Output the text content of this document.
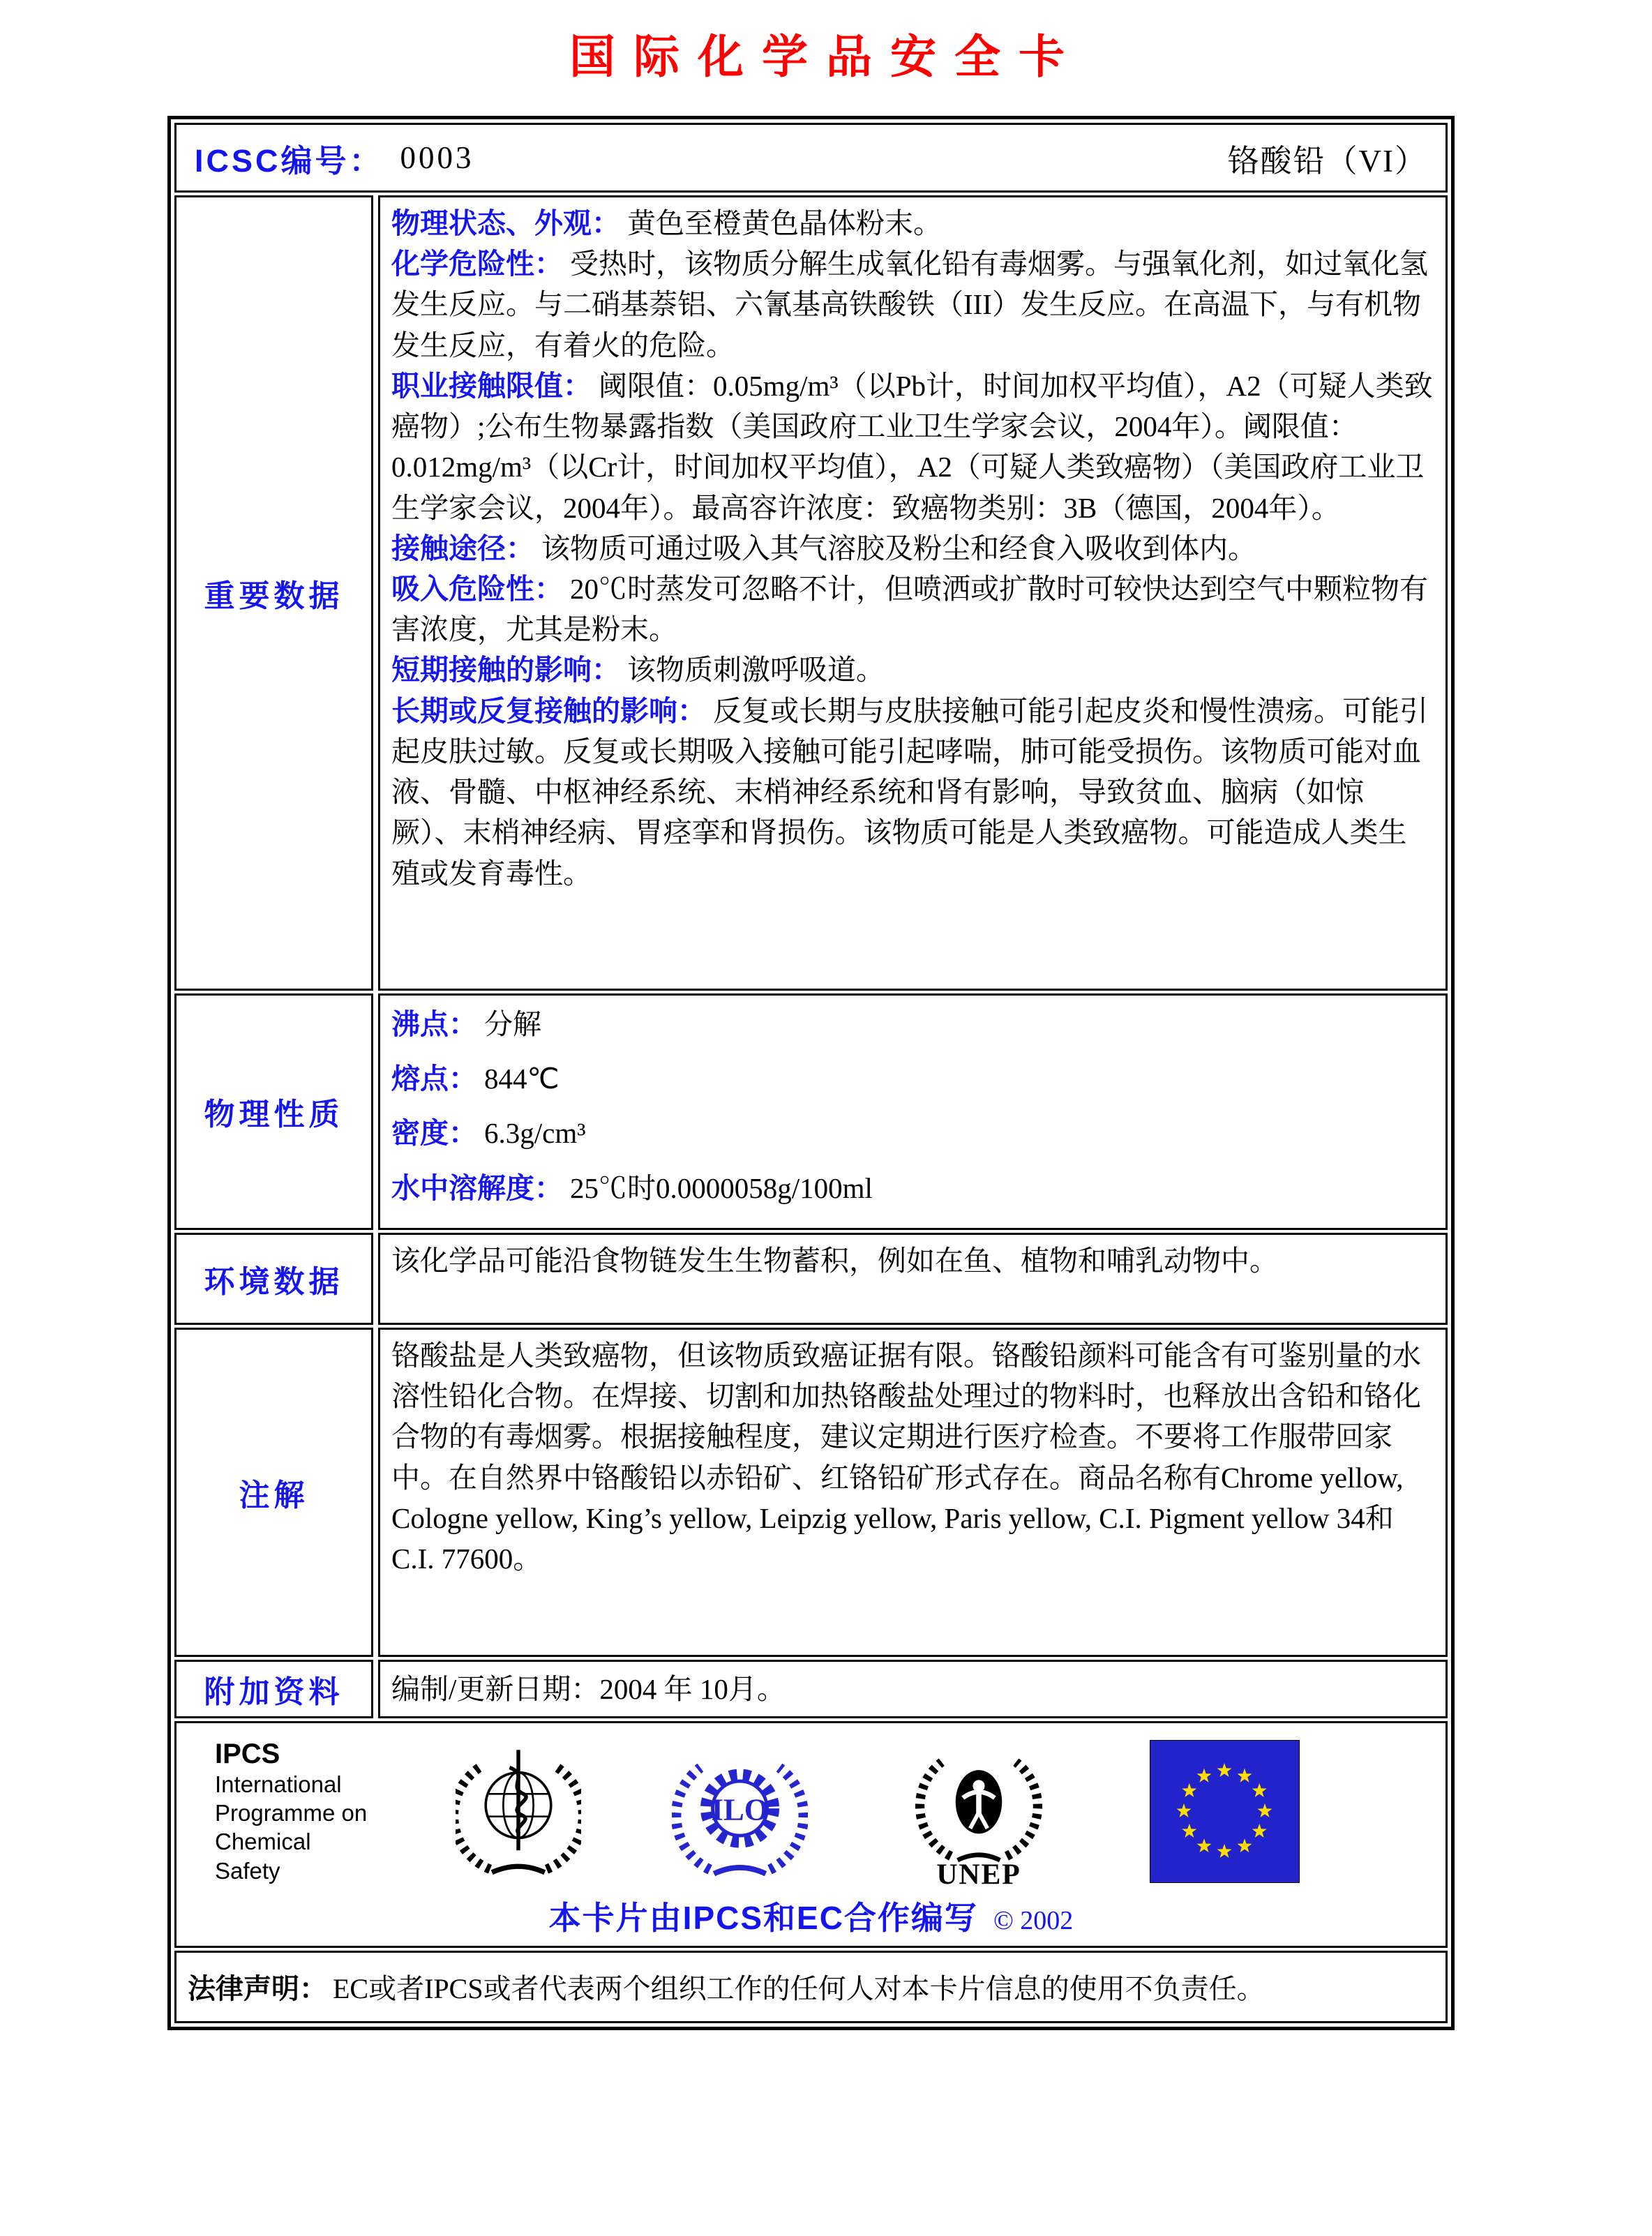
国际化学品安全卡
ICSC编号： 0003	铬酸铅（VI）
重要数据
物理状态、外观： 黄色至橙黄色晶体粉末。
化学危险性： 受热时，该物质分解生成氧化铅有毒烟雾。与强氧化剂，如过氧化氢发生反应。与二硝基萘铝、六氰基高铁酸铁（III）发生反应。在高温下，与有机物发生反应，有着火的危险。
职业接触限值： 阈限值：0.05mg/m³（以Pb计，时间加权平均值），A2（可疑人类致癌物）;公布生物暴露指数（美国政府工业卫生学家会议，2004年）。阈限值：0.012mg/m³（以Cr计，时间加权平均值），A2（可疑人类致癌物）（美国政府工业卫生学家会议，2004年）。最高容许浓度：致癌物类别：3B（德国，2004年）。
接触途径： 该物质可通过吸入其气溶胶及粉尘和经食入吸收到体内。
吸入危险性： 20℃时蒸发可忽略不计，但喷洒或扩散时可较快达到空气中颗粒物有害浓度，尤其是粉末。
短期接触的影响： 该物质刺激呼吸道。
长期或反复接触的影响： 反复或长期与皮肤接触可能引起皮炎和慢性溃疡。可能引起皮肤过敏。反复或长期吸入接触可能引起哮喘，肺可能受损伤。该物质可能对血液、骨髓、中枢神经系统、末梢神经系统和肾有影响，导致贫血、脑病（如惊厥）、末梢神经病、胃痉挛和肾损伤。该物质可能是人类致癌物。可能造成人类生殖或发育毒性。
物理性质
沸点： 分解
熔点： 844℃
密度： 6.3g/cm³
水中溶解度： 25℃时0.0000058g/100ml
环境数据
该化学品可能沿食物链发生生物蓄积，例如在鱼、植物和哺乳动物中。
注解
铬酸盐是人类致癌物，但该物质致癌证据有限。铬酸铅颜料可能含有可鉴别量的水溶性铅化合物。在焊接、切割和加热铬酸盐处理过的物料时，也释放出含铅和铬化合物的有毒烟雾。根据接触程度，建议定期进行医疗检查。不要将工作服带回家中。在自然界中铬酸铅以赤铅矿、红铬铅矿形式存在。商品名称有Chrome yellow, Cologne yellow, King’s yellow, Leipzig yellow, Paris yellow, C.I. Pigment yellow 34和C.I. 77600。
附加资料	编制/更新日期：2004 年 10月。
IPCS
International
Programme on
Chemical Safety
ILO
UNEP
本卡片由IPCS和EC合作编写 © 2002
法律声明： EC或者IPCS或者代表两个组织工作的任何人对本卡片信息的使用不负责任。
